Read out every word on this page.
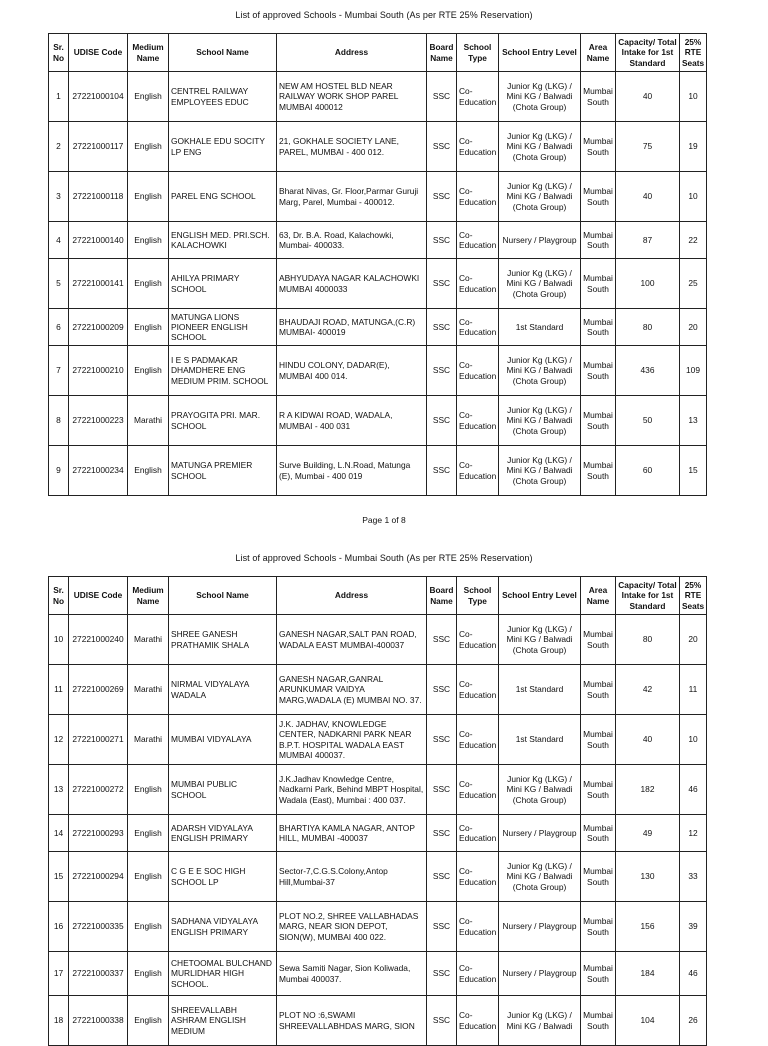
List of approved Schools - Mumbai South (As per RTE 25% Reservation)
Sr. No	UDISE Code	Medium Name	School Name	Address	Board Name	School Type	School Entry Level	Area Name	Capacity/ Total Intake for 1st Standard	25% RTE Seats
1	27221000104	English	CENTREL RAILWAY EMPLOYEES EDUC	NEW AM HOSTEL BLD NEAR RAILWAY WORK SHOP PAREL MUMBAI 400012	SSC	Co-Education	Junior Kg (LKG) / Mini KG / Balwadi (Chota Group)	Mumbai South	40	10
2	27221000117	English	GOKHALE EDU SOCITY LP ENG	21, GOKHALE SOCIETY LANE, PAREL, MUMBAI - 400 012.	SSC	Co-Education	Junior Kg (LKG) / Mini KG / Balwadi (Chota Group)	Mumbai South	75	19
3	27221000118	English	PAREL ENG SCHOOL	Bharat Nivas, Gr. Floor,Parmar Guruji Marg, Parel, Mumbai - 400012.	SSC	Co-Education	Junior Kg (LKG) / Mini KG / Balwadi (Chota Group)	Mumbai South	40	10
4	27221000140	English	ENGLISH MED. PRI.SCH. KALACHOWKI	63, Dr. B.A. Road, Kalachowki, Mumbai- 400033.	SSC	Co-Education	Nursery / Playgroup	Mumbai South	87	22
5	27221000141	English	AHILYA PRIMARY SCHOOL	ABHYUDAYA NAGAR KALACHOWKI MUMBAI 4000033	SSC	Co-Education	Junior Kg (LKG) / Mini KG / Balwadi (Chota Group)	Mumbai South	100	25
6	27221000209	English	MATUNGA LIONS PIONEER ENGLISH SCHOOL	BHAUDAJI ROAD, MATUNGA,(C.R) MUMBAI- 400019	SSC	Co-Education	1st Standard	Mumbai South	80	20
7	27221000210	English	I E S PADMAKAR DHAMDHERE ENG MEDIUM PRIM. SCHOOL	HINDU COLONY, DADAR(E), MUMBAI 400 014.	SSC	Co-Education	Junior Kg (LKG) / Mini KG / Balwadi (Chota Group)	Mumbai South	436	109
8	27221000223	Marathi	PRAYOGITA PRI. MAR. SCHOOL	R A KIDWAI ROAD, WADALA, MUMBAI - 400 031	SSC	Co-Education	Junior Kg (LKG) / Mini KG / Balwadi (Chota Group)	Mumbai South	50	13
9	27221000234	English	MATUNGA PREMIER SCHOOL	Surve Building, L.N.Road, Matunga (E), Mumbai - 400 019	SSC	Co-Education	Junior Kg (LKG) / Mini KG / Balwadi (Chota Group)	Mumbai South	60	15
Page 1 of 8
List of approved Schools - Mumbai South (As per RTE 25% Reservation)
Sr. No	UDISE Code	Medium Name	School Name	Address	Board Name	School Type	School Entry Level	Area Name	Capacity/ Total Intake for 1st Standard	25% RTE Seats
10	27221000240	Marathi	SHREE GANESH PRATHAMIK SHALA	GANESH NAGAR,SALT PAN ROAD, WADALA EAST MUMBAI-400037	SSC	Co-Education	Junior Kg (LKG) / Mini KG / Balwadi (Chota Group)	Mumbai South	80	20
11	27221000269	Marathi	NIRMAL VIDYALAYA WADALA	GANESH NAGAR,GANRAL ARUNKUMAR VAIDYA MARG,WADALA (E) MUMBAI NO. 37.	SSC	Co-Education	1st Standard	Mumbai South	42	11
12	27221000271	Marathi	MUMBAI VIDYALAYA	J.K. JADHAV, KNOWLEDGE CENTER, NADKARNI PARK NEAR B.P.T. HOSPITAL WADALA EAST MUMBAI 400037.	SSC	Co-Education	1st Standard	Mumbai South	40	10
13	27221000272	English	MUMBAI PUBLIC SCHOOL	J.K.Jadhav Knowledge Centre, Nadkarni Park, Behind MBPT Hospital, Wadala (East), Mumbai : 400 037.	SSC	Co-Education	Junior Kg (LKG) / Mini KG / Balwadi (Chota Group)	Mumbai South	182	46
14	27221000293	English	ADARSH VIDYALAYA ENGLISH PRIMARY	BHARTIYA KAMLA NAGAR, ANTOP HILL, MUMBAI -400037	SSC	Co-Education	Nursery / Playgroup	Mumbai South	49	12
15	27221000294	English	C G E E SOC HIGH SCHOOL LP	Sector-7,C.G.S.Colony,Antop Hill,Mumbai-37	SSC	Co-Education	Junior Kg (LKG) / Mini KG / Balwadi (Chota Group)	Mumbai South	130	33
16	27221000335	English	SADHANA VIDYALAYA ENGLISH PRIMARY	PLOT NO.2, SHREE VALLABHADAS MARG, NEAR SION DEPOT, SION(W), MUMBAI 400 022.	SSC	Co-Education	Nursery / Playgroup	Mumbai South	156	39
17	27221000337	English	CHETOOMAL BULCHAND MURLIDHAR HIGH SCHOOL.	Sewa Samiti Nagar, Sion Koliwada, Mumbai 400037.	SSC	Co-Education	Nursery / Playgroup	Mumbai South	184	46
18	27221000338	English	SHREEVALLABH ASHRAM ENGLISH MEDIUM	PLOT NO :6,SWAMI SHREEVALLABHDAS MARG, SION	SSC	Co-Education	Junior Kg (LKG) / Mini KG / Balwadi	Mumbai South	104	26
